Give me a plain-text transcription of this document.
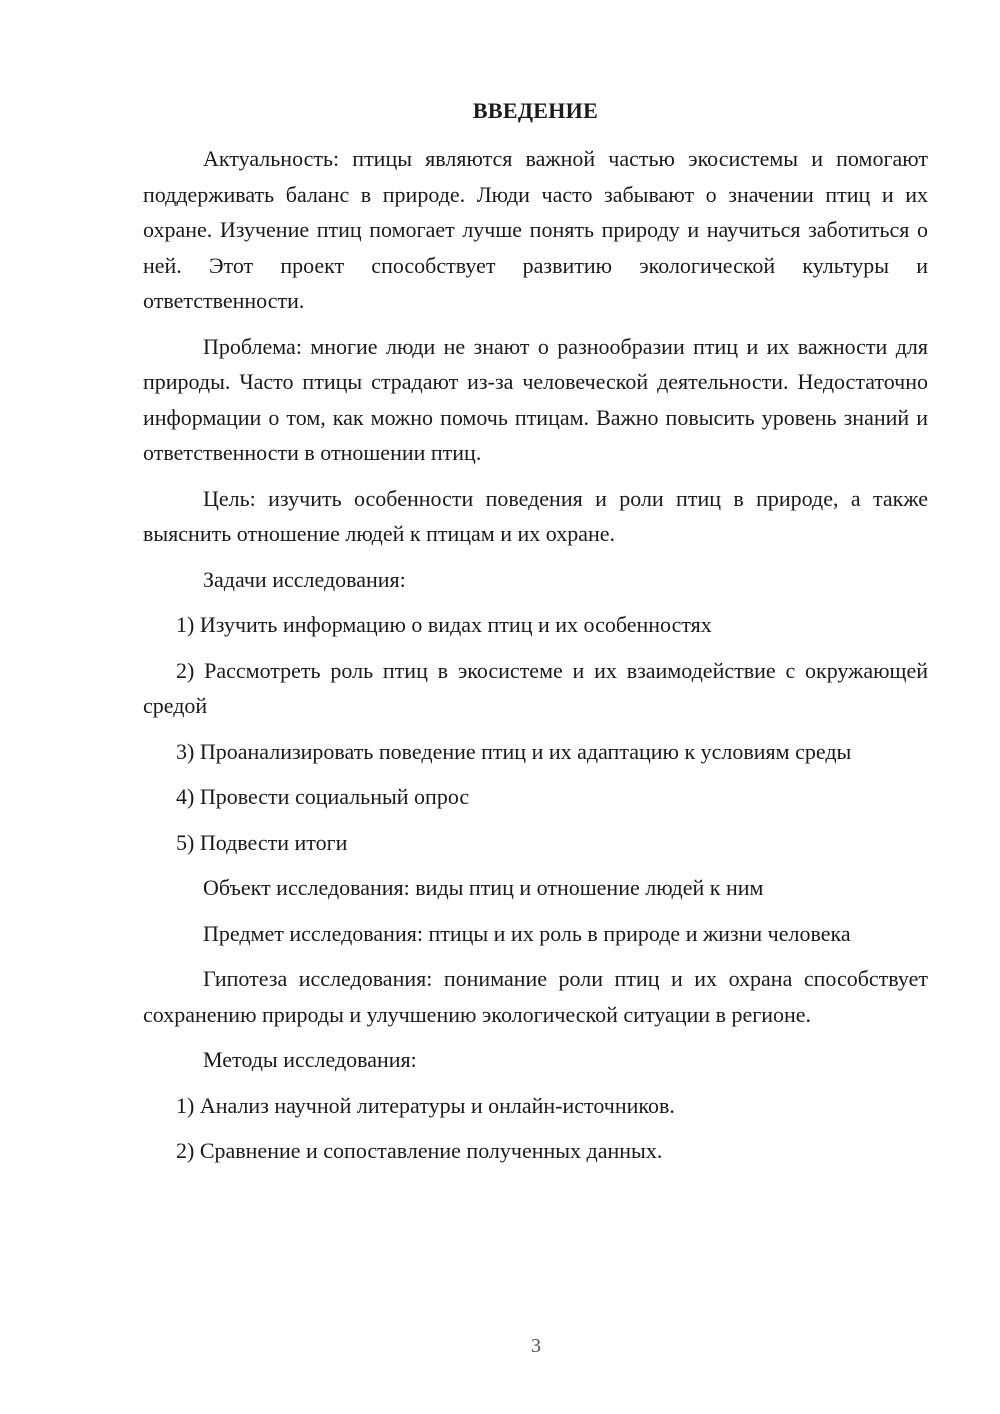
ВВЕДЕНИЕ

Актуальность: птицы являются важной частью экосистемы и помогают поддерживать баланс в природе. Люди часто забывают о значении птиц и их охране. Изучение птиц помогает лучше понять природу и научиться заботиться о ней. Этот проект способствует развитию экологической культуры и ответственности.

Проблема: многие люди не знают о разнообразии птиц и их важности для природы. Часто птицы страдают из-за человеческой деятельности. Недостаточно информации о том, как можно помочь птицам. Важно повысить уровень знаний и ответственности в отношении птиц.

Цель: изучить особенности поведения и роли птиц в природе, а также выяснить отношение людей к птицам и их охране.

Задачи исследования:

1) Изучить информацию о видах птиц и их особенностях

2) Рассмотреть роль птиц в экосистеме и их взаимодействие с окружающей средой

3) Проанализировать поведение птиц и их адаптацию к условиям среды

4) Провести социальный опрос

5) Подвести итоги

Объект исследования: виды птиц и отношение людей к ним

Предмет исследования: птицы и их роль в природе и жизни человека

Гипотеза исследования: понимание роли птиц и их охрана способствует сохранению природы и улучшению экологической ситуации в регионе.

Методы исследования:

1) Анализ научной литературы и онлайн-источников.

2) Сравнение и сопоставление полученных данных.

3
